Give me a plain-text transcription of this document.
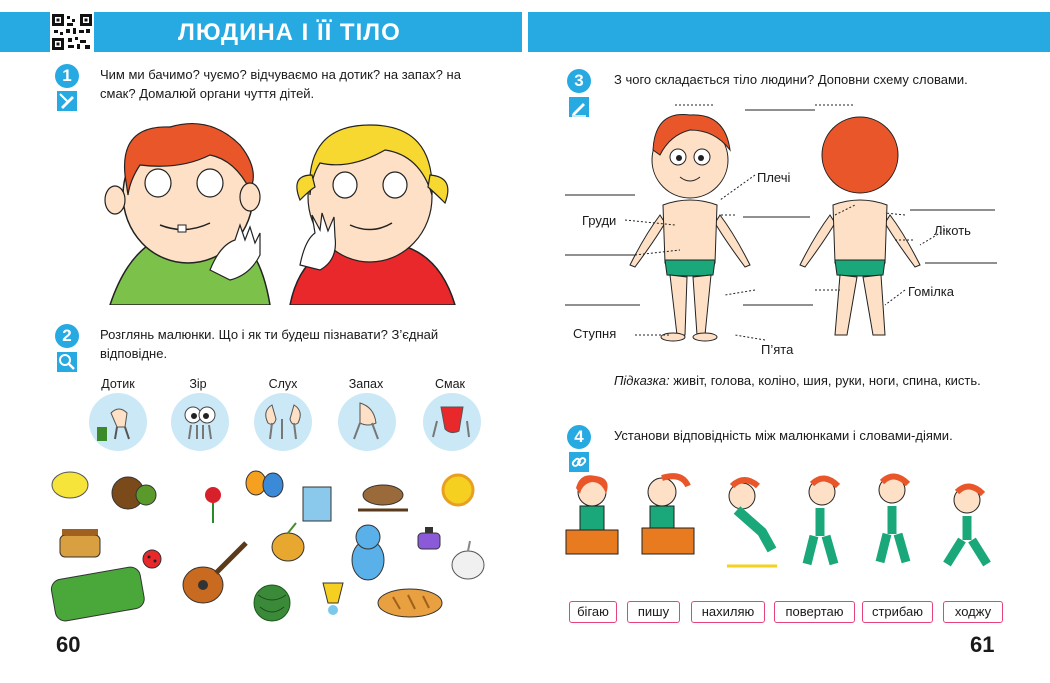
ЛЮДИНА І ЇЇ ТІЛО
1	Чим ми бачимо? чуємо? відчуваємо на дотик? на запах? на смак? Домалюй органи чуття дітей.
2	Розглянь малюнки. Що і як ти будеш пізнавати? З’єднай відповідне.
Дотик	Зір	Слух	Запах	Смак
60
3	З чого складається тіло людини? Доповни схему словами.
Плечі
Груди
Лікоть
Гомілка
Ступня
П’ята
Підказка: живіт, голова, коліно, шия, руки, ноги, спина, кисть.
4	Установи відповідність між малюнками і словами-діями.
бігаю	пишу	нахиляю	повертаю	стрибаю	ходжу
61
